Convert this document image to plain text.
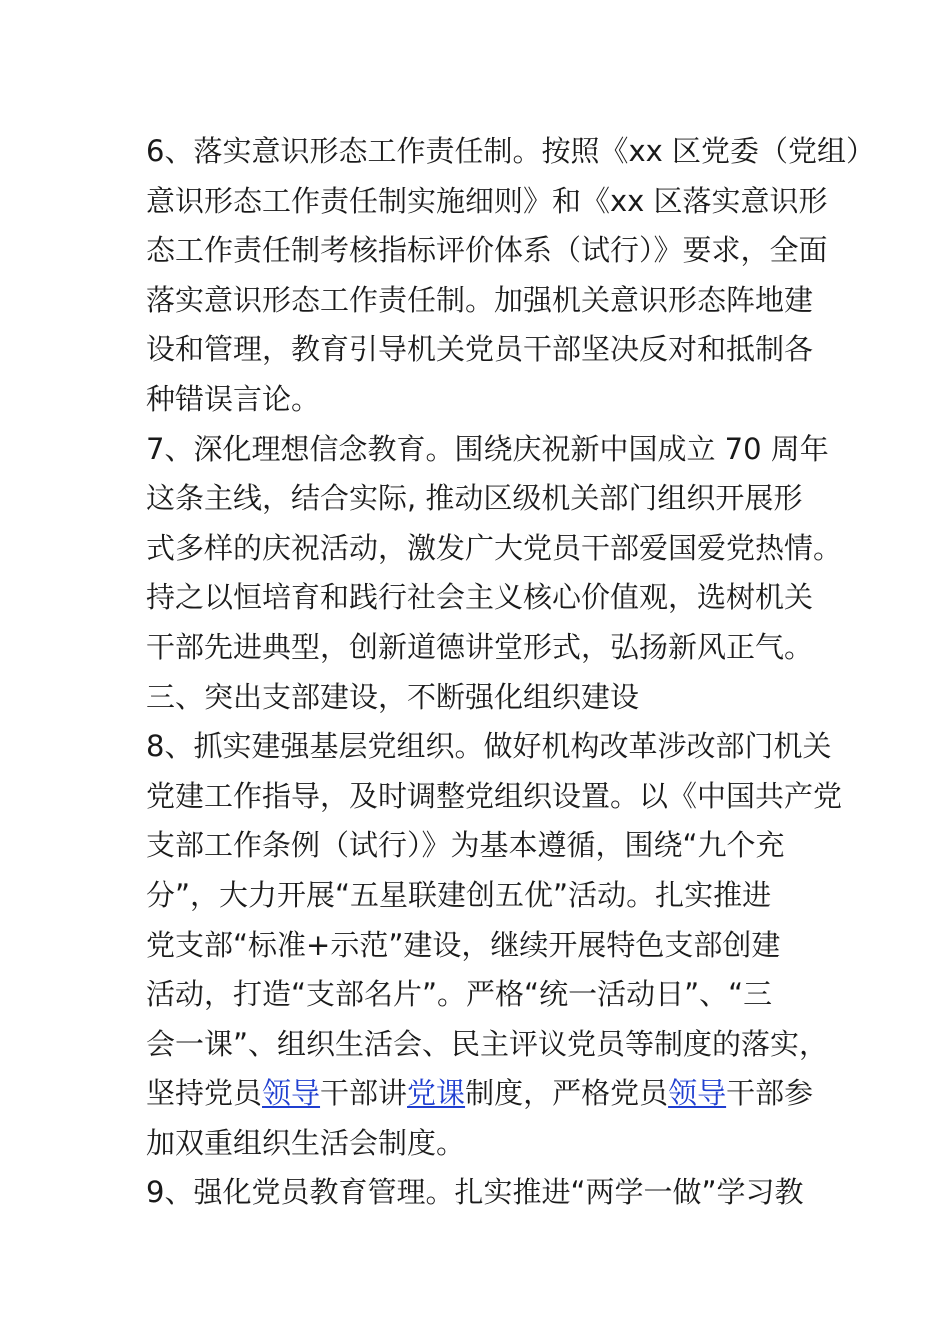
6、落实意识形态工作责任制。按照《xx 区党委（党组）
意识形态工作责任制实施细则》和《xx 区落实意识形
态工作责任制考核指标评价体系（试行）》要求，全面
落实意识形态工作责任制。加强机关意识形态阵地建
设和管理，教育引导机关党员干部坚决反对和抵制各
种错误言论。
7、深化理想信念教育。围绕庆祝新中国成立 70 周年
这条主线，结合实际, 推动区级机关部门组织开展形
式多样的庆祝活动，激发广大党员干部爱国爱党热情。
持之以恒培育和践行社会主义核心价值观，选树机关
干部先进典型，创新道德讲堂形式，弘扬新风正气。
三、突出支部建设，不断强化组织建设
8、抓实建强基层党组织。做好机构改革涉改部门机关
党建工作指导，及时调整党组织设置。以《中国共产党
支部工作条例（试行）》为基本遵循，围绕“九个充
分”，大力开展“五星联建创五优”活动。扎实推进
党支部“标准+示范”建设，继续开展特色支部创建
活动，打造“支部名片”。严格“统一活动日”、“三
会一课”、组织生活会、民主评议党员等制度的落实，
坚持党员领导干部讲党课制度，严格党员领导干部参
加双重组织生活会制度。
9、强化党员教育管理。扎实推进“两学一做”学习教
